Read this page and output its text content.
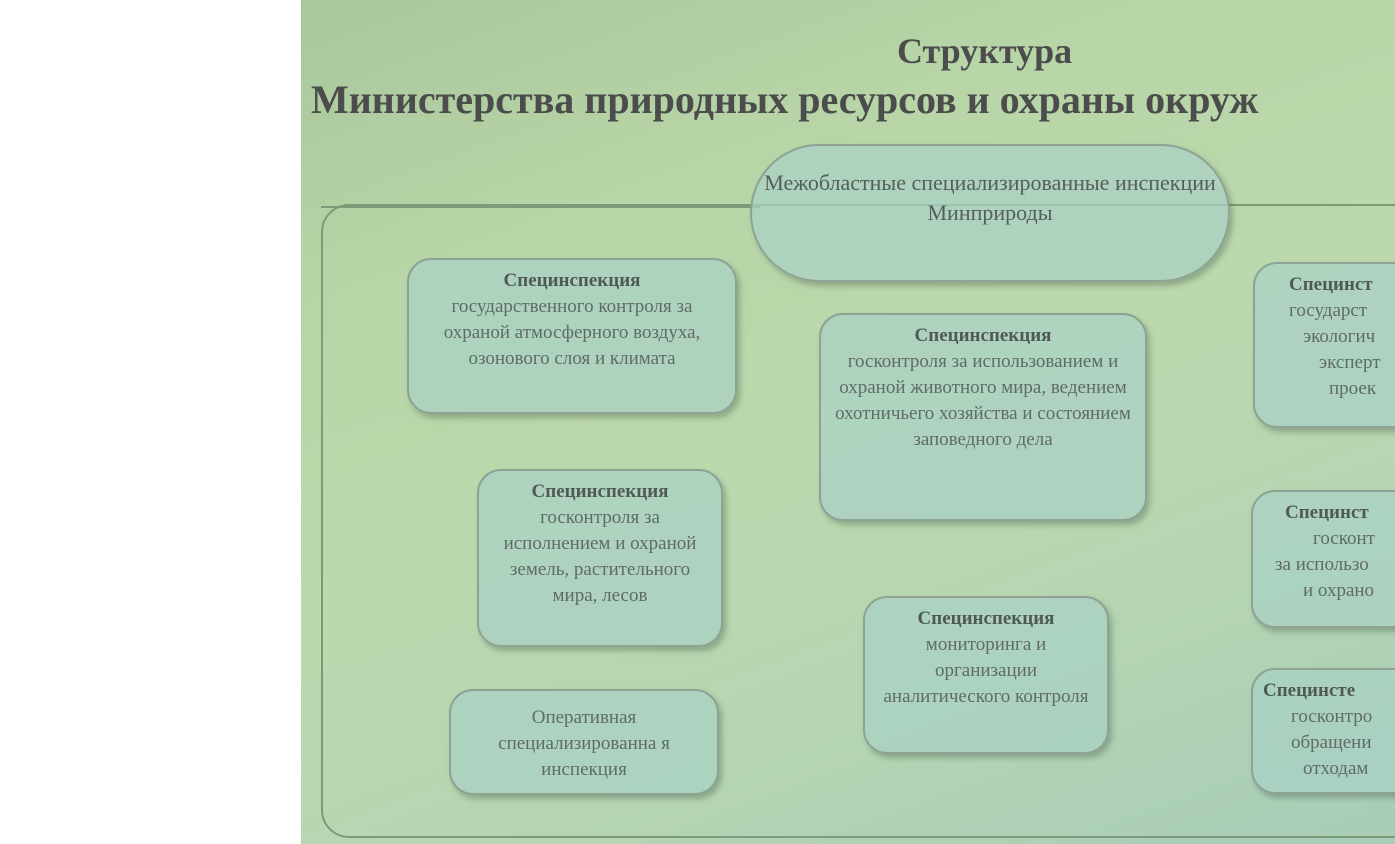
Структура
Министерства природных ресурсов и охраны окруж
Межобластные специализированные инспекции Минприроды
Специнспекция
государственного контроля за охраной атмосферного воздуха, озонового слоя и климата
Специнспекция
госконтроля за исполнением и охраной земель, растительного мира, лесов
Оперативная специализированна я инспекция
Специнспекция
госконтроля за использованием и охраной животного мира, ведением охотничьего хозяйства и состоянием заповедного дела
Специнспекция
мониторинга и организации аналитического контроля
Специнст
государст
экологич
эксперт
проек
Специнст
госконт
за использо
и охрано
Специнсте
госконтро
обращени
отходам
